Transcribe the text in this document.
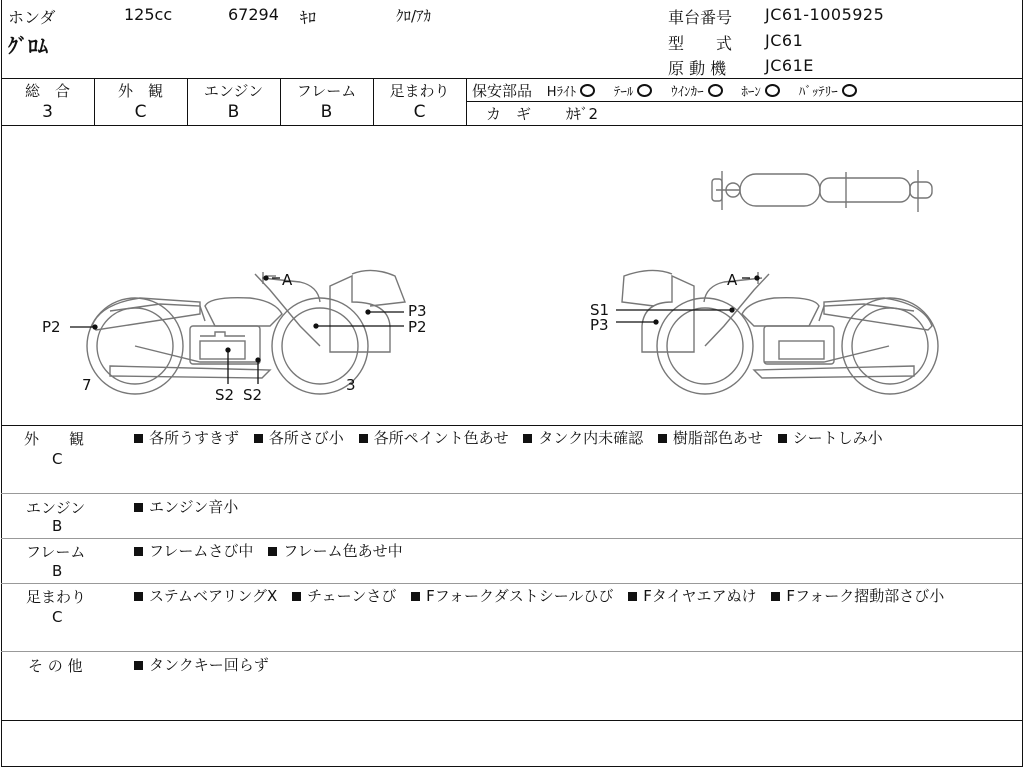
ホンダ	125cc	67294 ｷﾛ	ｸﾛ/ｱｶ
ｸﾞﾛﾑ
車台番号 JC61-1005925
型　　式 JC61
原 動 機 JC61E
総　合
3
外　観
C
エンジン
B
フレーム
B
足まわり
C
保安部品 Hﾗｲﾄ	ﾃｰﾙ	ｳｲﾝｶｰ	ﾎｰﾝ	ﾊﾞｯﾃﾘｰ
カ　ギ ｶｷﾞ2
A
P2
P3
P2
S2 S2
7	3
A
S1
P3
外　　観
C
各所うすきず 各所さび小 各所ペイント色あせ タンク内未確認 樹脂部色あせ シートしみ小
エンジン
B
エンジン音小
フレーム
B
フレームさび中 フレーム色あせ中
足まわり
C
ステムベアリングX チェーンさび Fフォークダストシールひび Fタイヤエアぬけ Fフォーク摺動部さび小
そ の 他	タンクキー回らず
